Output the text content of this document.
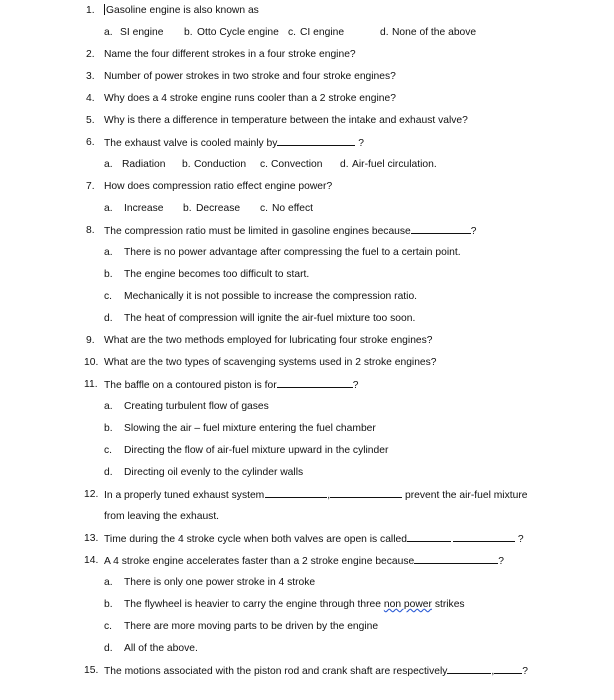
1. Gasoline engine is also known as
a. SI engine b. Otto Cycle engine c. CI engine	d. None of the above
2. Name the four different strokes in a four stroke engine?
3. Number of power strokes in two stroke and four stroke engines?
4. Why does a 4 stroke engine runs cooler than a 2 stroke engine?
5. Why is there a difference in temperature between the intake and exhaust valve?
6. The exhaust valve is cooled mainly by	?
a. Radiation b. Conduction c. Convection d. Air-fuel circulation.
7. How does compression ratio effect engine power?
a. Increase b. Decrease c. No effect
8. The compression ratio must be limited in gasoline engines because	?
a. There is no power advantage after compressing the fuel to a certain point.
b. The engine becomes too difficult to start.
c. Mechanically it is not possible to increase the compression ratio.
d. The heat of compression will ignite the air-fuel mixture too soon.
9. What are the two methods employed for lubricating four stroke engines?
10. What are the two types of scavenging systems used in 2 stroke engines?
11. The baffle on a contoured piston is for	?
a. Creating turbulent flow of gases
b. Slowing the air – fuel mixture entering the fuel chamber
c. Directing the flow of air-fuel mixture upward in the cylinder
d. Directing oil evenly to the cylinder walls
12. In a properly tuned exhaust system	,	prevent the air-fuel mixture
from leaving the exhaust.
13. Time during the 4 stroke cycle when both valves are open is called	?
14. A 4 stroke engine accelerates faster than a 2 stroke engine because	?
a. There is only one power stroke in 4 stroke
b. The flywheel is heavier to carry the engine through three non power strikes
c. There are more moving parts to be driven by the engine
d. All of the above.
15. The motions associated with the piston rod and crank shaft are respectively	,	?
